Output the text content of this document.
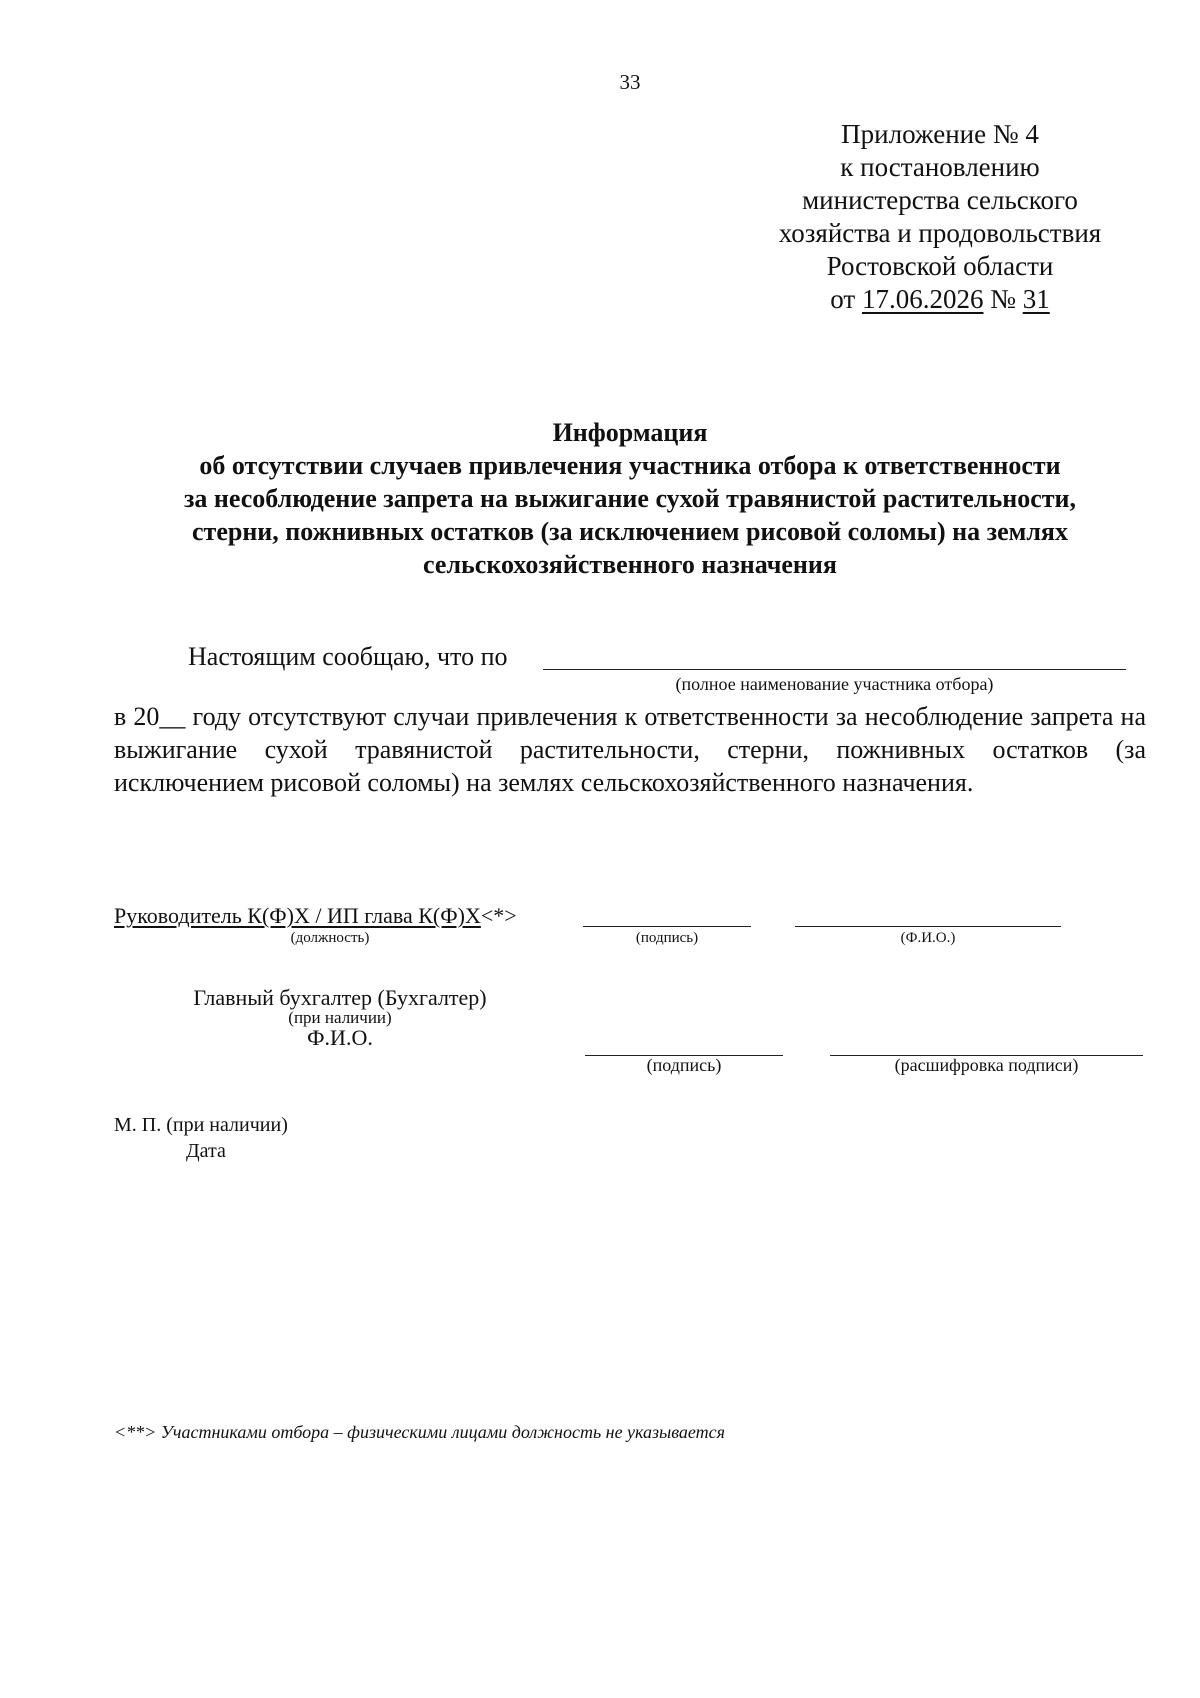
33
Приложение № 4
к постановлению
министерства сельского
хозяйства и продовольствия
Ростовской области
от 17.06.2026 № 31
Информация
об отсутствии случаев привлечения участника отбора к ответственности
за несоблюдение запрета на выжигание сухой травянистой растительности,
стерни, пожнивных остатков (за исключением рисовой соломы) на землях
сельскохозяйственного назначения
Настоящим сообщаю, что по
(полное наименование участника отбора)
в 20__ году отсутствуют случаи привлечения к ответственности за несоблюдение запрета на выжигание сухой травянистой растительности, стерни, пожнивных остатков (за исключением рисовой соломы) на землях сельскохозяйственного назначения.
Руководитель К(Ф)Х / ИП глава К(Ф)Х<*>
(должность)	(подпись)	(Ф.И.О.)
Главный бухгалтер (Бухгалтер)
(при наличии)
Ф.И.О.
(подпись)	(расшифровка подписи)
М. П. (при наличии)
Дата
<**> Участниками отбора – физическими лицами должность не указывается
